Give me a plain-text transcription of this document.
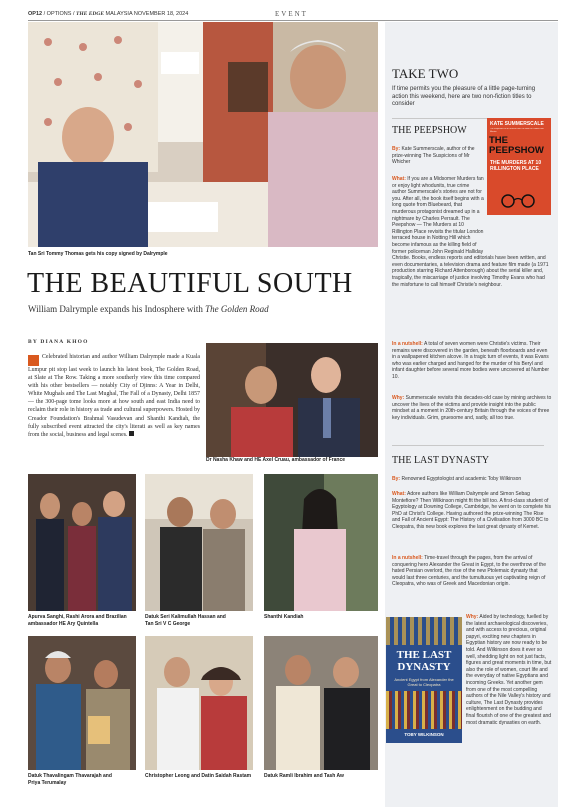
OP12 / OPTIONS / THE EDGE MALAYSIA NOVEMBER 18, 2024	EVENT
Tan Sri Tommy Thomas gets his copy signed by Dalrymple
THE BEAUTIFUL SOUTH
William Dalrymple expands his Indosphere with The Golden Road
BY DIANA KHOO
Celebrated historian and author William Dalrymple made a Kuala Lumpur pit stop last week to launch his latest book, The Golden Road, at Slate at The Row. Taking a more southerly view this time compared with his other bestsellers — notably City of Djinns: A Year in Delhi, White Mughals and The Last Mughal, The Fall of a Dynasty, Delhi 1857 — the 300-page tome looks more at how south and east India need to reclaim their role in history as trade and cultural superpowers. Hosted by Creador Foundation's Brahmal Vasudevan and Shanthi Kandiah, the fully subscribed event attracted the city's literati as well as key names from the social, business and legal scenes.
Dr Nasha Khaw and HE Axel Cruau, ambassador of France
Apurva Sanghi, Rashi Arora and Brazilian
ambassador HE Ary Quintella
Datuk Seri Kalimullah Hassan and
Tan Sri V C George
Shanthi Kandiah
Datuk Thavalingam Thavarajah and
Priya Terumalay
Christopher Leong and Datin Saidah Rastam	Datuk Ramli Ibrahim and Tash Aw
TAKE TWO
If time permits you the pleasure of a little page-turning action this weekend, here are two non-fiction titles to consider
THE PEEPSHOW
KATE SUMMERSCALE
The Suspicions of Mr Whicher and The Book of Phobias and Manias
THE PEEPSHOW
THE MURDERS AT 10 RILLINGTON PLACE
By: Kate Summerscale, author of the prize-winning The Suspicions of Mr Whicher
What: If you are a Midsomer Murders fan or enjoy light whodunits, true crime author Summerscale's stories are not for you. After all, the book itself begins with a long quote from Bluebeard, that murderous protagonist dreamed up in a nightmare by Charles Perrault. The Peepshow — The Murders at 10 Rillington Place revisits the titular London terraced house in Notting Hill which become infamous as the killing field of former policeman John Reginald Halliday Christie. Books, endless reports and editorials have been written, and even documentaries, a television drama and feature film made (a 1971 production starring Richard Attenborough) about the serial killer and, tragically, the miscarriage of justice involving Timothy Evans who had the misfortune to call himself Christie's neighbour.
In a nutshell: A total of seven women were Christie's victims. Their remains were discovered in the garden, beneath floorboards and even in a wallpapered kitchen alcove. In a tragic turn of events, it was Evans who was earlier charged and hanged for the murder of his Beryl and infant daughter before several more bodies were uncovered at Number 10.
Why: Summerscale revisits this decades-old case by mining archives to uncover the lives of the victims and provide insight into the public mindset at a moment in 20th-century Britain through the voices of three key individuals. Grim, gruesome and, sadly, all too true.
THE LAST DYNASTY
By: Renowned Egyptologist and academic Toby Wilkinson
What: Adore authors like William Dalrymple and Simon Sebag Montefiore? Then Wilkinson might fit the bill too. A first-class student of Egyptology at Downing College, Cambridge, he went on to complete his PhD at Christ's College. Having authored the prize-winning The Rise and Fall of Ancient Egypt: The History of a Civilisation from 3000 BC to Cleopatra, this new book explores the last great dynasty of Kemet.
In a nutshell: Time-travel through the pages, from the arrival of conquering hero Alexander the Great in Egypt, to the overthrow of the hated Persian overlord, the rise of the new Ptolemaic dynasty that would last three centuries, and the tumultuous yet captivating reign of Cleopatra, who was of Greek and Macedonian origin.
THE LAST DYNASTY
Ancient Egypt from Alexander the Great to Cleopatra
TOBY WILKINSON
Why: Aided by technology, fuelled by the latest archaeological discoveries, and with access to precious, original papyri, exciting new chapters in Egyptian history are now ready to be told. And Wilkinson does it ever so well, shedding light on not just facts, figures and great moments in time, but also the role of women, court life and the everyday of native Egyptians and incoming Greeks. Yet another gem from one of the most compelling authors of the Nile Valley's history and culture, The Last Dynasty provides enlightenment on the budding and final flourish of one of the greatest and most dramatic dynasties on earth.
